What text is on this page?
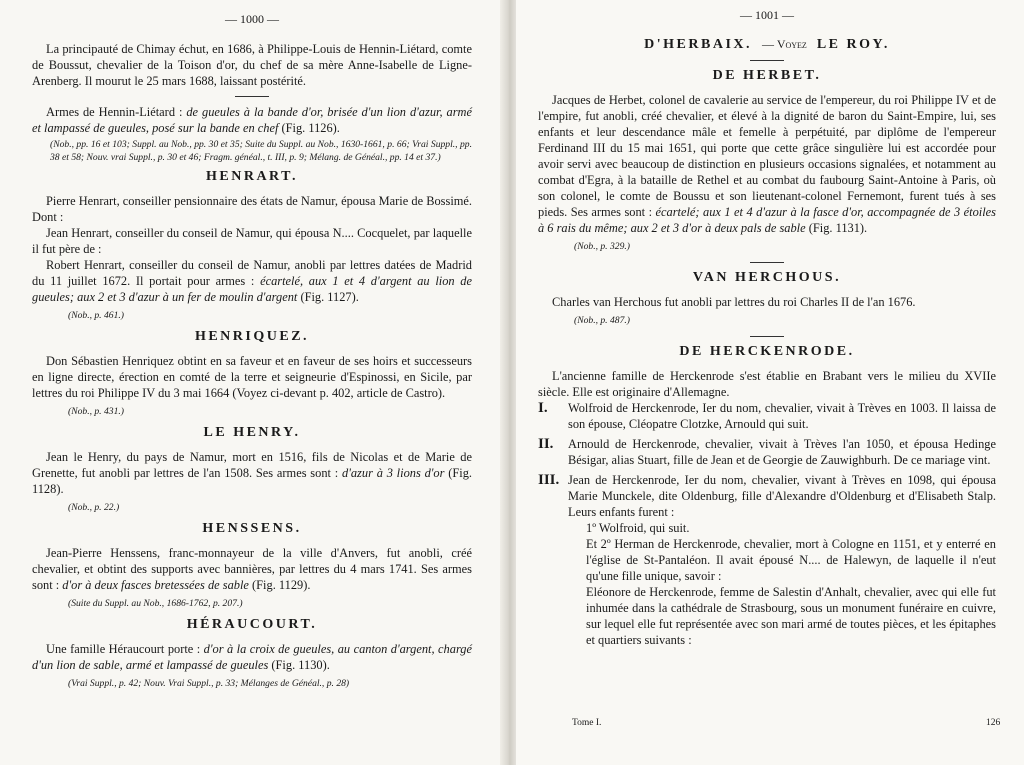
— 1000 —

La principauté de Chimay échut, en 1686, à Philippe-Louis de Hennin-Liétard, comte de Boussut, chevalier de la Toison d'or, du chef de sa mère Anne-Isabelle de Ligne-Arenberg. Il mourut le 25 mars 1688, laissant postérité.

Armes de Hennin-Liétard : de gueules à la bande d'or, brisée d'un lion d'azur, armé et lampassé de gueules, posé sur la bande en chef (Fig. 1126).

(Nob., pp. 16 et 103; Suppl. au Nob., pp. 30 et 35; Suite du Suppl. au Nob., 1630-1661, p. 66; Vrai Suppl., pp. 38 et 58; Nouv. vrai Suppl., p. 30 et 46; Fragm. généal., t. III, p. 9; Mélang. de Généal., pp. 14 et 37.)

HENRART.

Pierre Henrart, conseiller pensionnaire des états de Namur, épousa Marie de Bossimé. Dont :

Jean Henrart, conseiller du conseil de Namur, qui épousa N.... Cocquelet, par laquelle il fut père de :

Robert Henrart, conseiller du conseil de Namur, anobli par lettres datées de Madrid du 11 juillet 1672. Il portait pour armes : écartelé, aux 1 et 4 d'argent au lion de gueules; aux 2 et 3 d'azur à un fer de moulin d'argent (Fig. 1127).

(Nob., p. 461.)

HENRIQUEZ.

Don Sébastien Henriquez obtint en sa faveur et en faveur de ses hoirs et successeurs en ligne directe, érection en comté de la terre et seigneurie d'Espinossi, en Sicile, par lettres du roi Philippe IV du 3 mai 1664 (Voyez ci-devant p. 402, article de Castro).

(Nob., p. 431.)

LE HENRY.

Jean le Henry, du pays de Namur, mort en 1516, fils de Nicolas et de Marie de Grenette, fut anobli par lettres de l'an 1508. Ses armes sont : d'azur à 3 lions d'or (Fig. 1128).

(Nob., p. 22.)

HENSSENS.

Jean-Pierre Henssens, franc-monnayeur de la ville d'Anvers, fut anobli, créé chevalier, et obtint des supports avec bannières, par lettres du 4 mars 1741. Ses armes sont : d'or à deux fasces bretessées de sable (Fig. 1129).

(Suite du Suppl. au Nob., 1686-1762, p. 207.)

HÉRAUCOURT.

Une famille Héraucourt porte : d'or à la croix de gueules, au canton d'argent, chargé d'un lion de sable, armé et lampassé de gueules (Fig. 1130).

(Vrai Suppl., p. 42; Nouv. Vrai Suppl., p. 33; Mélanges de Généal., p. 28)

— 1001 —
D'HERBAIX. — Voyez LE ROY.
DE HERBET.

Jacques de Herbet, colonel de cavalerie au service de l'empereur, du roi Philippe IV et de l'empire, fut anobli, créé chevalier, et élevé à la dignité de baron du Saint-Empire, lui, ses enfants et leur descendance mâle et femelle à perpétuité, par diplôme de l'empereur Ferdinand III du 15 mai 1651, qui porte que cette grâce singulière lui est accordée pour avoir servi avec beaucoup de distinction en plusieurs occasions signalées, et notamment au combat d'Egra, à la bataille de Rethel et au combat du faubourg Saint-Antoine à Paris, où son colonel, le comte de Boussu et son lieutenant-colonel Fernemont, furent tués à ses pieds. Ses armes sont : écartelé; aux 1 et 4 d'azur à la fasce d'or, accompagnée de 3 étoiles à 6 rais du même; aux 2 et 3 d'or à deux pals de sable (Fig. 1131).

(Nob., p. 329.)

VAN HERCHOUS.

Charles van Herchous fut anobli par lettres du roi Charles II de l'an 1676.

(Nob., p. 487.)

DE HERCKENRODE.

L'ancienne famille de Herckenrode s'est établie en Brabant vers le milieu du XVIIe siècle. Elle est originaire d'Allemagne.

I.	Wolfroid de Herckenrode, Ier du nom, chevalier, vivait à Trèves en 1003. Il laissa de son épouse, Cléopatre Clotzke, Arnould qui suit.

II.	Arnould de Herckenrode, chevalier, vivait à Trèves l'an 1050, et épousa Hedinge Bésigar, alias Stuart, fille de Jean et de Georgie de Zauwighburh. De ce mariage vint.

III. Jean de Herckenrode, Ier du nom, chevalier, vivant à Trèves en 1098, qui épousa Marie Munckele, dite Oldenburg, fille d'Alexandre d'Oldenburg et d'Elisabeth Stalp. Leurs enfants furent :

1º Wolfroid, qui suit.

Et 2º Herman de Herckenrode, chevalier, mort à Cologne en 1151, et y enterré en l'église de St-Pantaléon. Il avait épousé N.... de Halewyn, de laquelle il n'eut qu'une fille unique, savoir :

Eléonore de Herckenrode, femme de Salestin d'Anhalt, chevalier, avec qui elle fut inhumée dans la cathédrale de Strasbourg, sous un monument funéraire en cuivre, sur lequel elle fut représentée avec son mari armé de toutes pièces, et les épitaphes et quartiers suivants :

Tome I.	126
